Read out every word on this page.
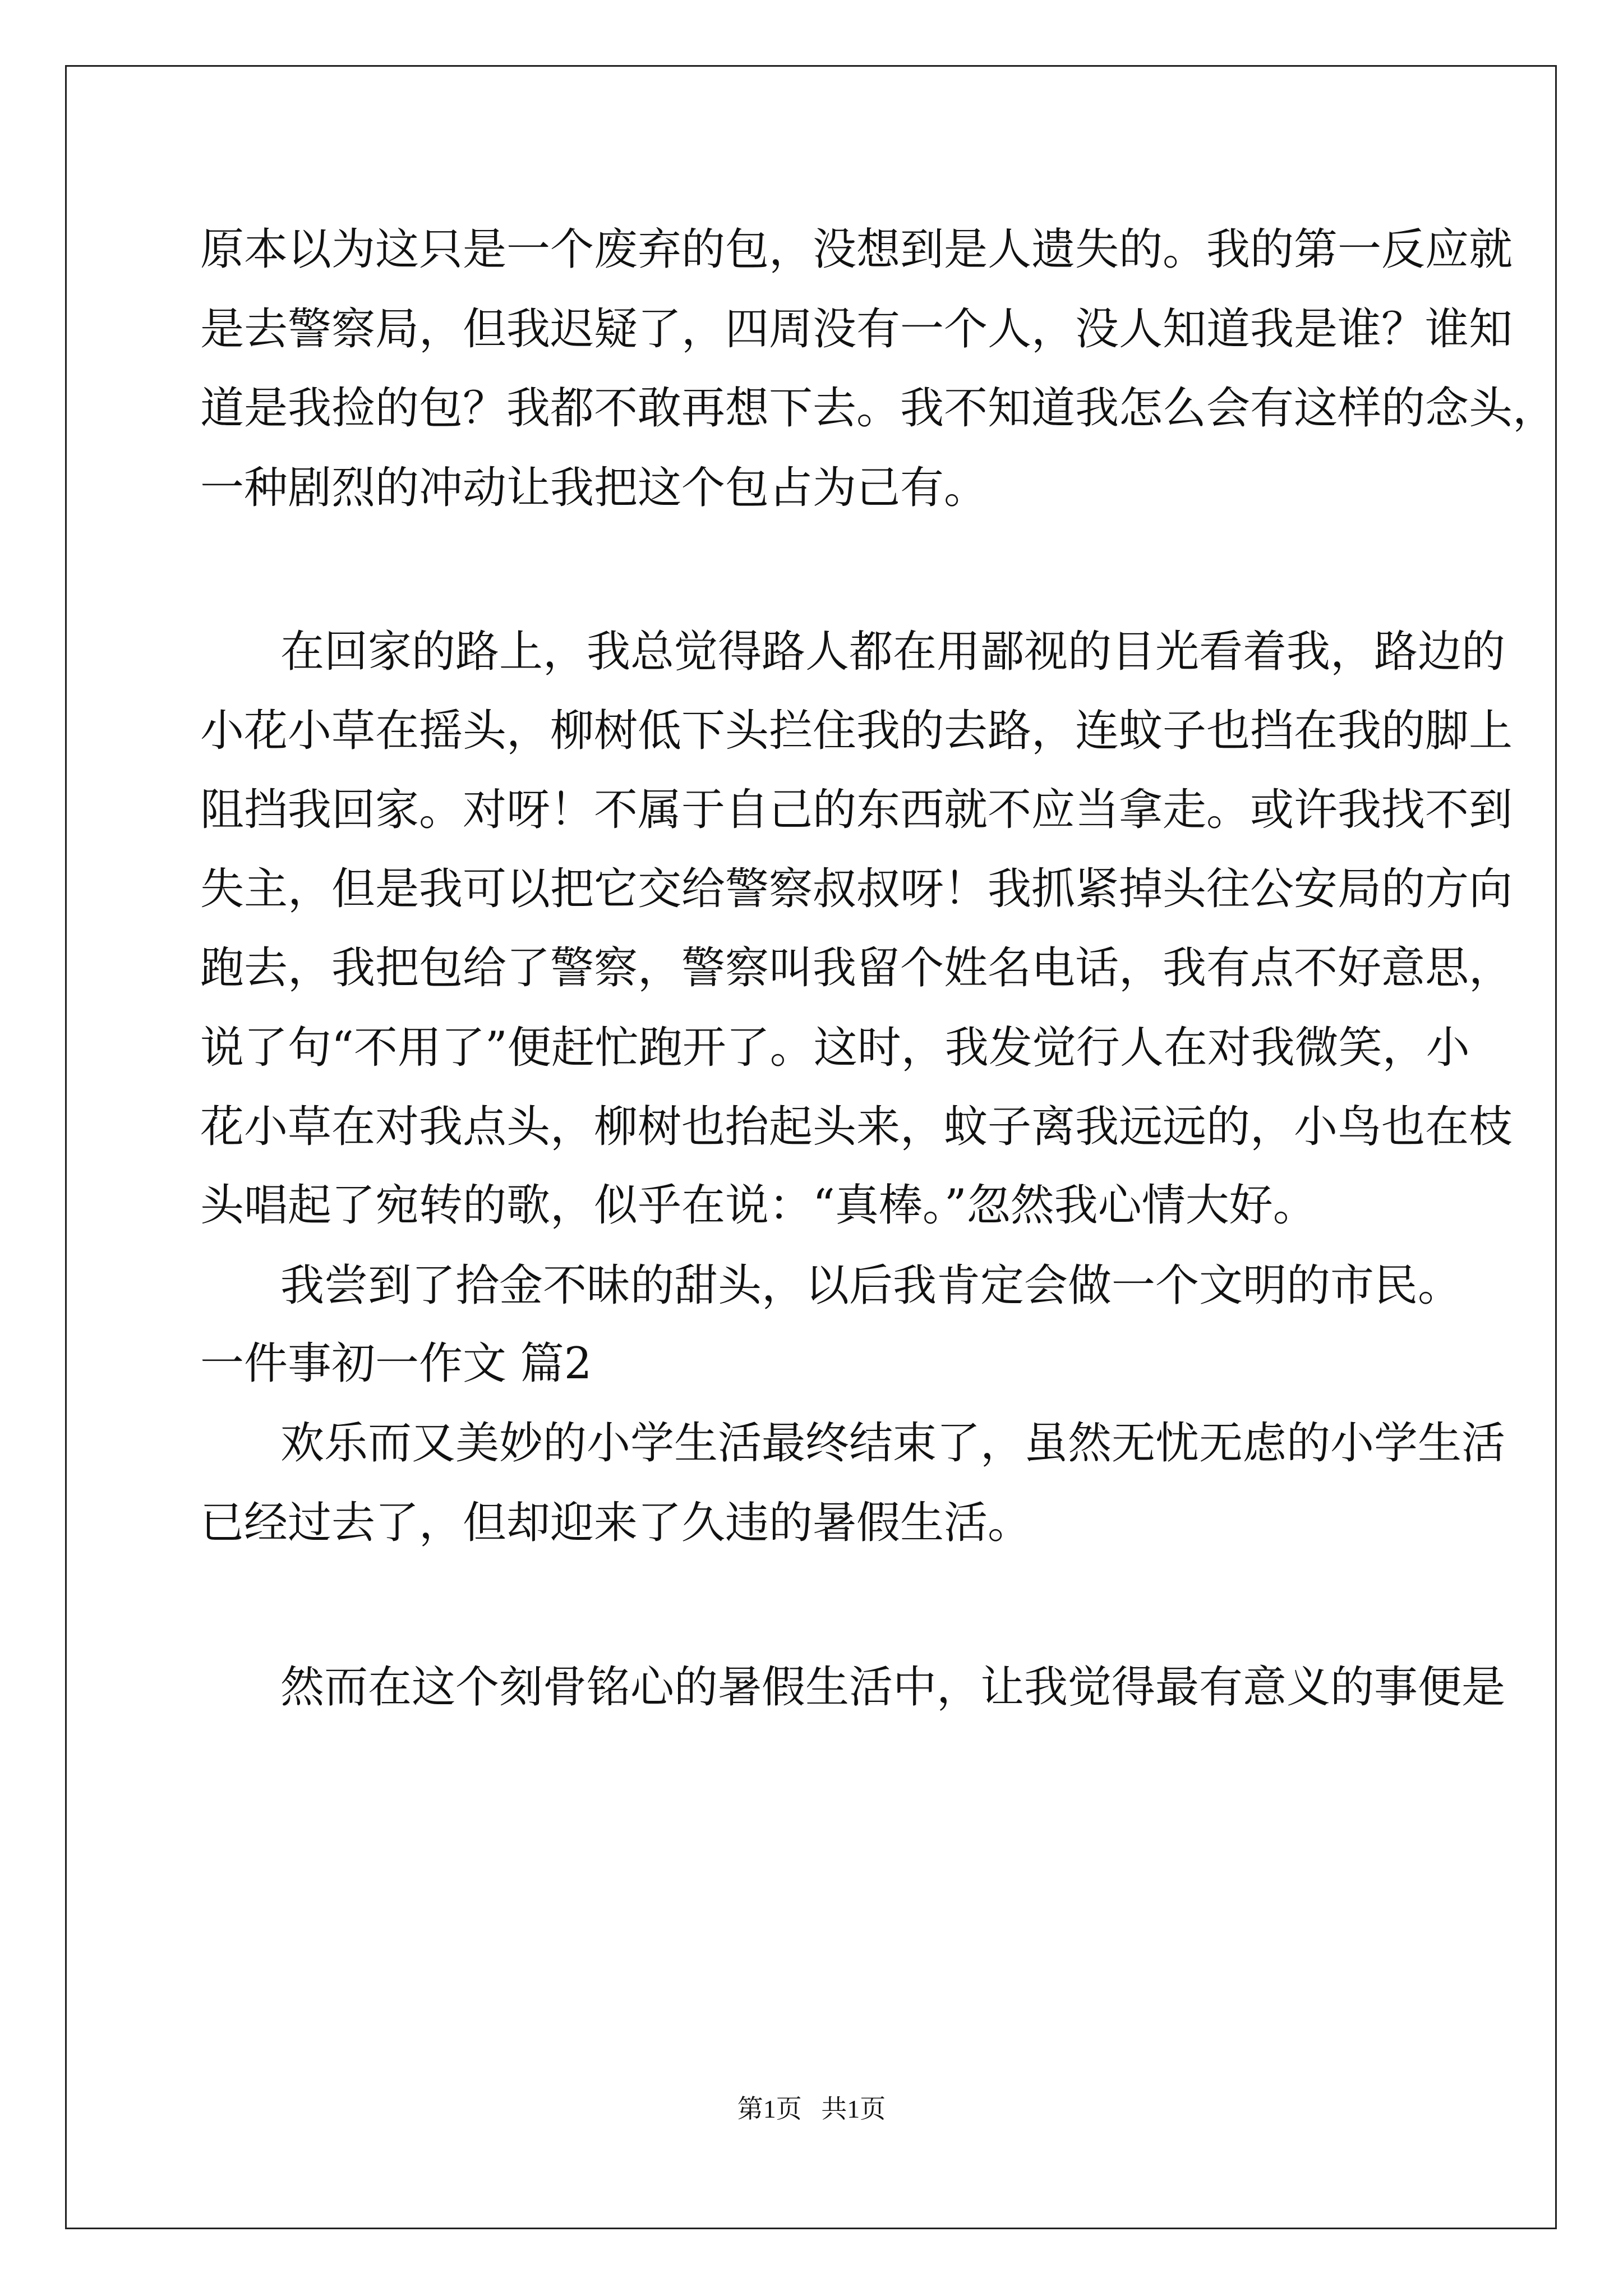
原本以为这只是一个废弃的包，没想到是人遗失的。我的第一反应就

是去警察局，但我迟疑了，四周没有一个人，没人知道我是谁？谁知

道是我捡的包？我都不敢再想下去。我不知道我怎么会有这样的念头，

一种剧烈的冲动让我把这个包占为己有。

在回家的路上，我总觉得路人都在用鄙视的目光看着我，路边的

小花小草在摇头，柳树低下头拦住我的去路，连蚊子也挡在我的脚上

阻挡我回家。对呀！不属于自己的东西就不应当拿走。或许我找不到

失主，但是我可以把它交给警察叔叔呀！我抓紧掉头往公安局的方向

跑去，我把包给了警察，警察叫我留个姓名电话，我有点不好意思，

说了句“不用了”便赶忙跑开了。这时，我发觉行人在对我微笑，小

花小草在对我点头，柳树也抬起头来，蚊子离我远远的，小鸟也在枝

头唱起了宛转的歌，似乎在说：“真棒。”忽然我心情大好。

我尝到了拾金不昧的甜头，以后我肯定会做一个文明的市民。

一件事初一作文 篇2

欢乐而又美妙的小学生活最终结束了，虽然无忧无虑的小学生活

已经过去了，但却迎来了久违的暑假生活。

然而在这个刻骨铭心的暑假生活中，让我觉得最有意义的事便是

第1页   共1页
